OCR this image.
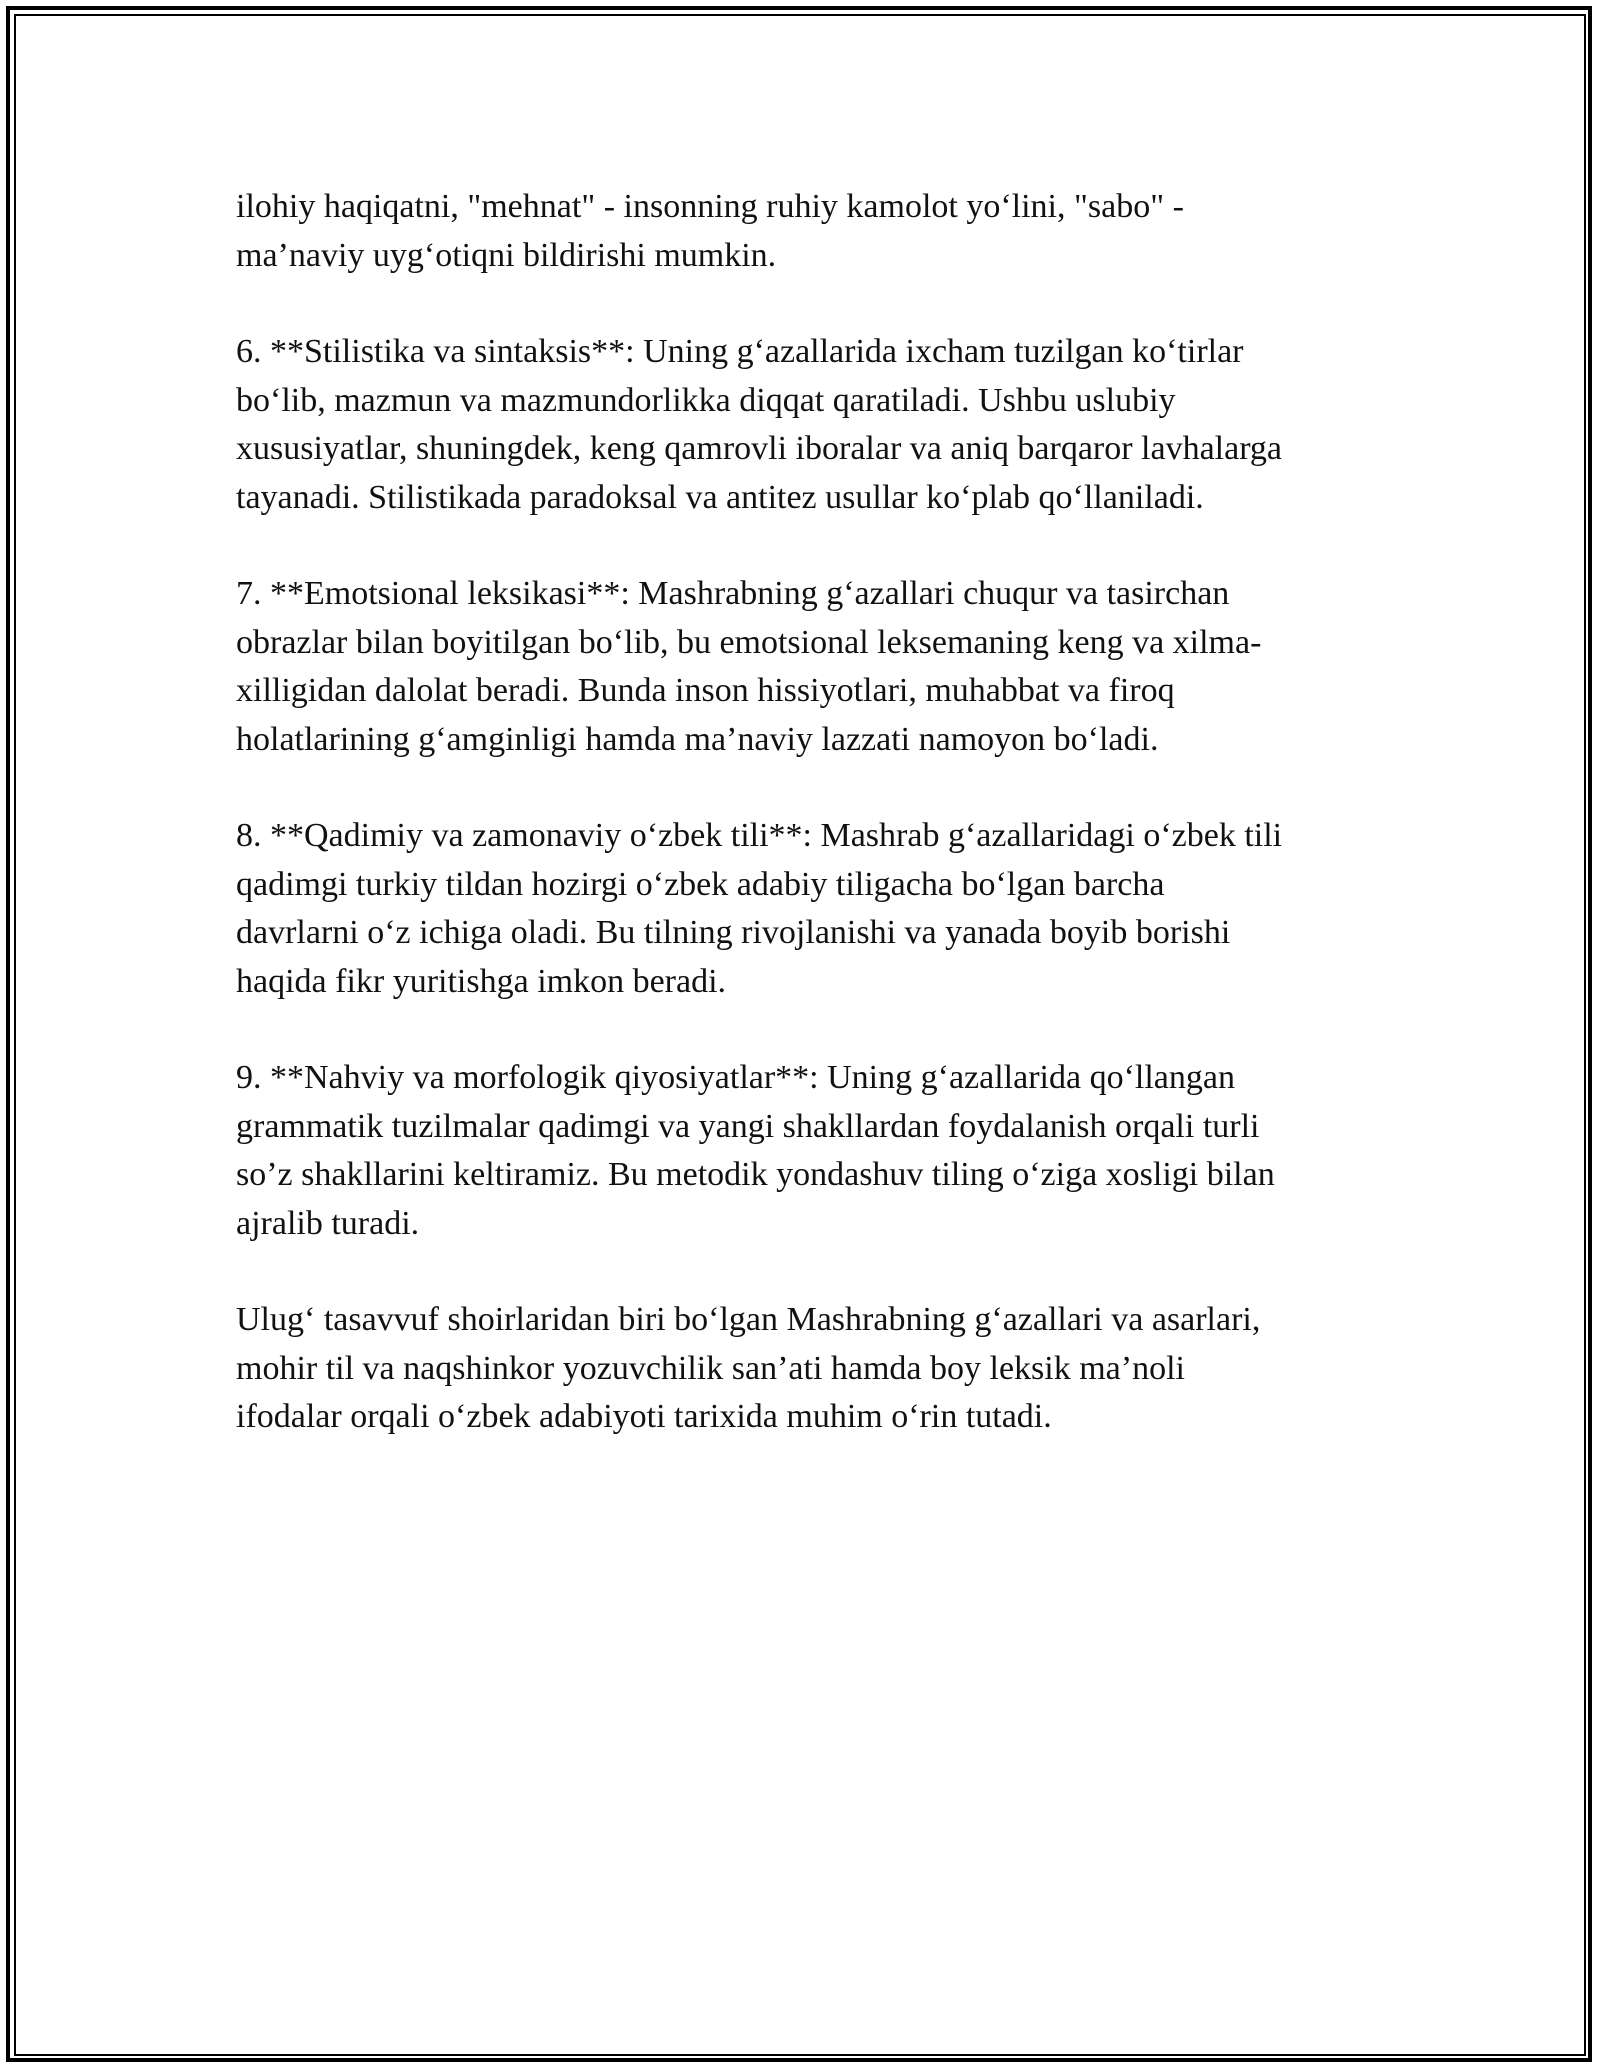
ilohiy haqiqatni, "mehnat" - insonning ruhiy kamolot yo‘lini, "sabo" -
ma’naviy uyg‘otiqni bildirishi mumkin.

6. **Stilistika va sintaksis**: Uning g‘azallarida ixcham tuzilgan ko‘tirlar
bo‘lib, mazmun va mazmundorlikka diqqat qaratiladi. Ushbu uslubiy
xususiyatlar, shuningdek, keng qamrovli iboralar va aniq barqaror lavhalarga
tayanadi. Stilistikada paradoksal va antitez usullar ko‘plab qo‘llaniladi.

7. **Emotsional leksikasi**: Mashrabning g‘azallari chuqur va tasirchan
obrazlar bilan boyitilgan bo‘lib, bu emotsional leksemaning keng va xilma-
xilligidan dalolat beradi. Bunda inson hissiyotlari, muhabbat va firoq
holatlarining g‘amginligi hamda ma’naviy lazzati namoyon bo‘ladi.

8. **Qadimiy va zamonaviy o‘zbek tili**: Mashrab g‘azallaridagi o‘zbek tili
qadimgi turkiy tildan hozirgi o‘zbek adabiy tiligacha bo‘lgan barcha
davrlarni o‘z ichiga oladi. Bu tilning rivojlanishi va yanada boyib borishi
haqida fikr yuritishga imkon beradi.

9. **Nahviy va morfologik qiyosiyatlar**: Uning g‘azallarida qo‘llangan
grammatik tuzilmalar qadimgi va yangi shakllardan foydalanish orqali turli
so’z shakllarini keltiramiz. Bu metodik yondashuv tiling o‘ziga xosligi bilan
ajralib turadi.

Ulug‘ tasavvuf shoirlaridan biri bo‘lgan Mashrabning g‘azallari va asarlari,
mohir til va naqshinkor yozuvchilik san’ati hamda boy leksik ma’noli
ifodalar orqali o‘zbek adabiyoti tarixida muhim o‘rin tutadi.
